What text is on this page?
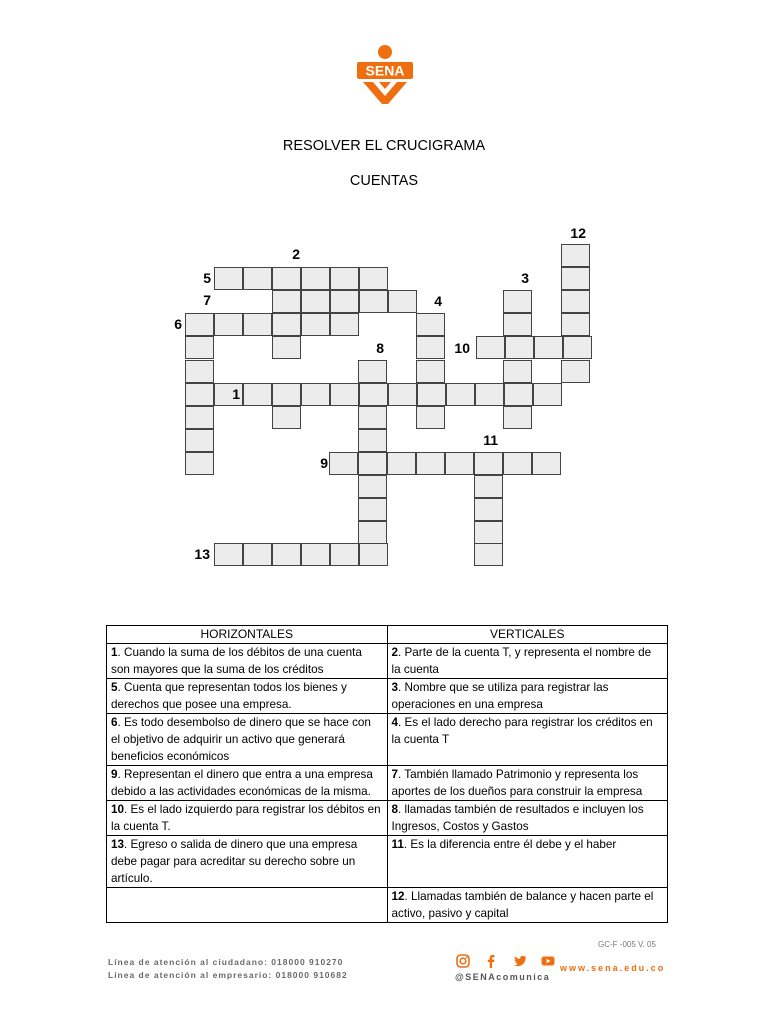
SENA
RESOLVER EL CRUCIGRAMA
CUENTAS
1
2
3
4
5
6
7
8
9
10
11
12
13
HORIZONTALES	VERTICALES
1. Cuando la suma de los débitos de una cuenta son mayores que la suma de los créditos	2. Parte de la cuenta T, y representa el nombre de la cuenta
5. Cuenta que representan todos los bienes y derechos que posee una empresa.	3. Nombre que se utiliza para registrar las operaciones en una empresa
6. Es todo desembolso de dinero que se hace con el objetivo de adquirir un activo que generará beneficios económicos	4. Es el lado derecho para registrar los créditos en la cuenta T
9. Representan el dinero que entra a una empresa debido a las actividades económicas de la misma.	7. También llamado Patrimonio y representa los aportes de los dueños para construir la empresa
10. Es el lado izquierdo para registrar los débitos en la cuenta T.	8. llamadas también de resultados e incluyen los Ingresos, Costos y Gastos
13. Egreso o salida de dinero que una empresa debe pagar para acreditar su derecho sobre un artículo.	11. Es la diferencia entre él debe y el haber
	12. Llamadas también de balance y hacen parte el activo, pasivo y capital
GC-F -005 V. 05
Línea de atención al ciudadano: 018000 910270
Línea de atención al empresario: 018000 910682
	@SENAcomunica
www.sena.edu.co
